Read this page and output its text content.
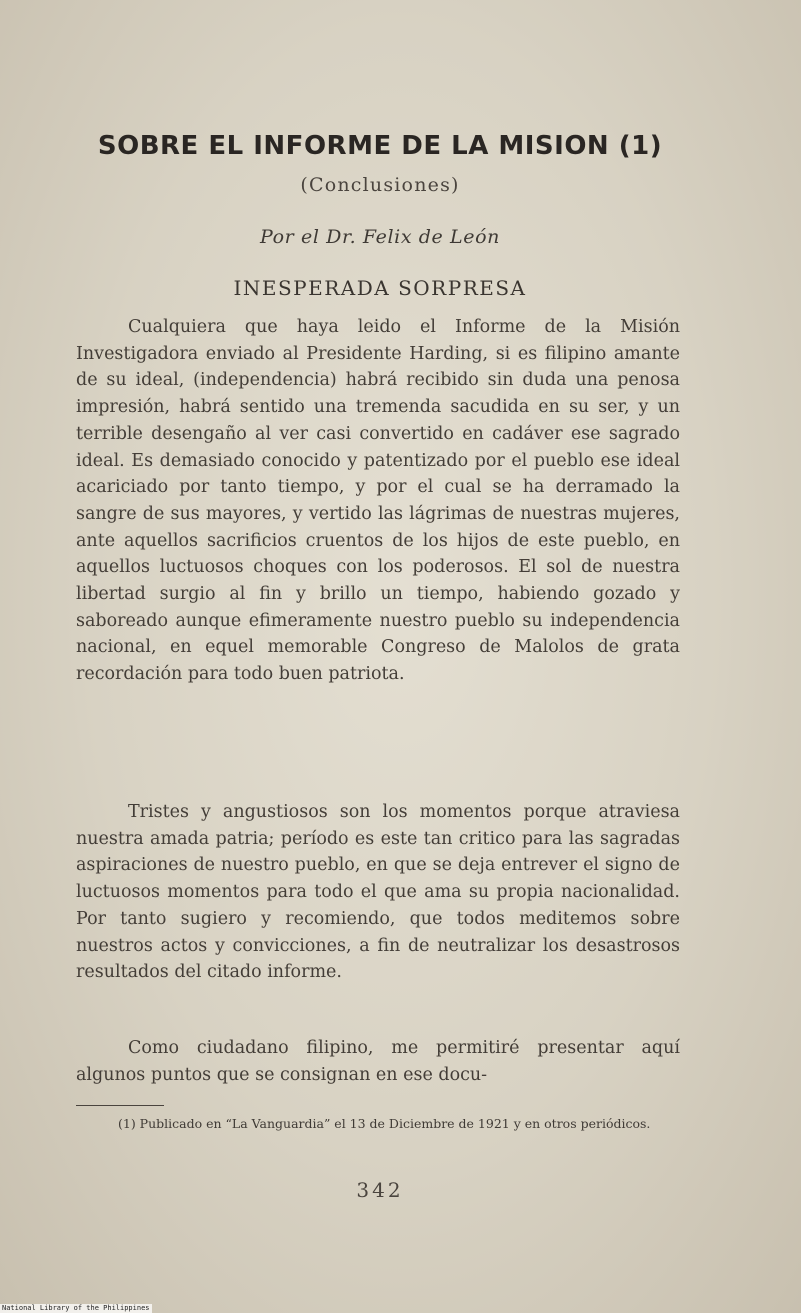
SOBRE EL INFORME DE LA MISION (1)
(Conclusiones)
Por el Dr. Felix de León
INESPERADA SORPRESA

Cualquiera que haya leido el Informe de la Misión Investigadora enviado al Presidente Harding, si es filipino amante de su ideal, (independencia) habrá recibido sin duda una penosa impresión, habrá sentido una tremenda sacudida en su ser, y un terrible desengaño al ver casi convertido en cadáver ese sagrado ideal. Es demasiado conocido y patentizado por el pueblo ese ideal acariciado por tanto tiempo, y por el cual se ha derramado la sangre de sus mayores, y vertido las lágrimas de nuestras mujeres, ante aquellos sacrificios cruentos de los hijos de este pueblo, en aquellos luctuosos choques con los poderosos. El sol de nuestra libertad surgio al fin y brillo un tiempo, habiendo gozado y saboreado aunque efimeramente nuestro pueblo su independencia nacional, en equel memorable Congreso de Malolos de grata recordación para todo buen patriota.

Tristes y angustiosos son los momentos porque atraviesa nuestra amada patria; período es este tan critico para las sagradas aspiraciones de nuestro pueblo, en que se deja entrever el signo de luctuosos momentos para todo el que ama su propia nacionalidad. Por tanto sugiero y recomiendo, que todos meditemos sobre nuestros actos y convicciones, a fin de neutralizar los desastrosos resultados del citado informe.

Como ciudadano filipino, me permitiré presentar aquí algunos puntos que se consignan en ese docu-

(1) Publicado en “La Vanguardia” el 13 de Diciembre de 1921 y en otros periódicos.

342
National Library of the Philippines
